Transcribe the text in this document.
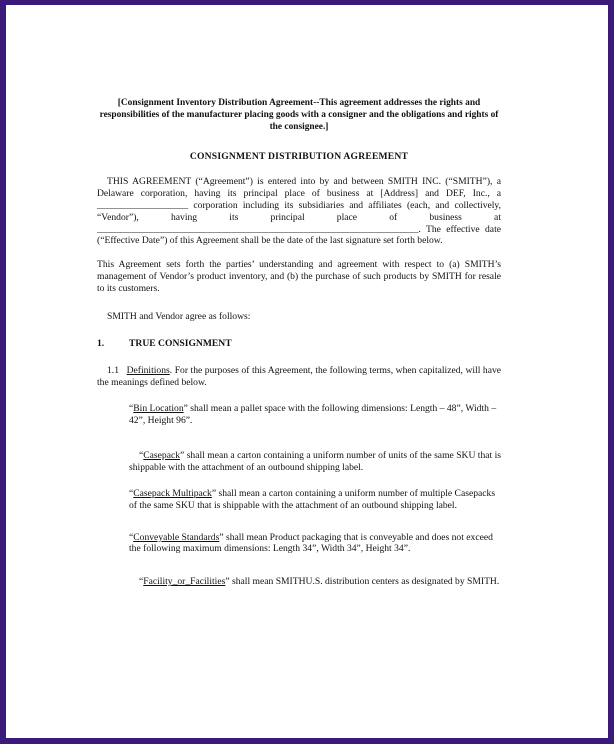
[Consignment Inventory Distribution Agreement--This agreement addresses the rights and responsibilities of the manufacturer placing goods with a consigner and the obligations and rights of the consignee.]

CONSIGNMENT DISTRIBUTION AGREEMENT

THIS AGREEMENT (“Agreement”) is entered into by and between SMITH INC. (“SMITH”), a Delaware corporation, having its principal place of business at [Address] and DEF, Inc., a ___________________ corporation including its subsidiaries and affiliates (each, and collectively, “Vendor”), having its principal place of business at ___________________________________________________________________. The effective date (“Effective Date”) of this Agreement shall be the date of the last signature set forth below.

This Agreement sets forth the parties’ understanding and agreement with respect to (a) SMITH’s management of Vendor’s product inventory, and (b) the purchase of such products by SMITH for resale to its customers.

SMITH and Vendor agree as follows:

1.	TRUE CONSIGNMENT

1.1 Definitions. For the purposes of this Agreement, the following terms, when capitalized, will have the meanings defined below.

“Bin Location” shall mean a pallet space with the following dimensions: Length – 48”, Width – 42”, Height 96”.

“Casepack” shall mean a carton containing a uniform number of units of the same SKU that is shippable with the attachment of an outbound shipping label.

“Casepack Multipack” shall mean a carton containing a uniform number of multiple Casepacks of the same SKU that is shippable with the attachment of an outbound shipping label.

“Conveyable Standards” shall mean Product packaging that is conveyable and does not exceed the following maximum dimensions: Length 34”, Width 34”, Height 34”.

“Facility_or_Facilities” shall mean SMITHU.S. distribution centers as designated by SMITH.
